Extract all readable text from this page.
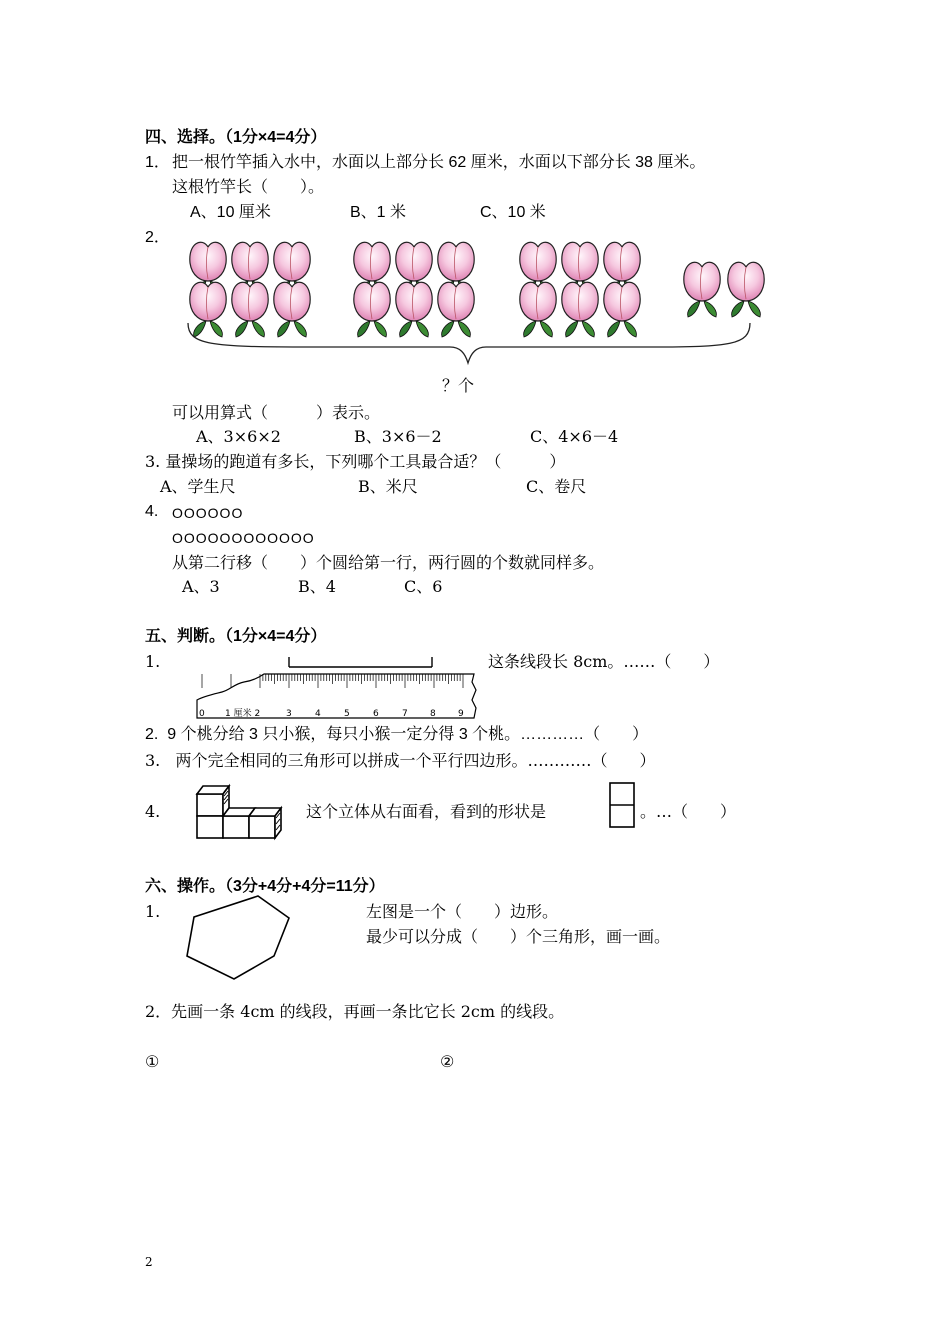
四、选择。（1分×4=4分）
1． 把一根竹竿插入水中，水面以上部分长 62 厘米，水面以下部分长 38 厘米。
这根竹竿长（　　）。
A、10 厘米	B、1 米	C、10 米
2．
？个
可以用算式（　　　）表示。
A、3×6×2	B、3×6－2	C、4×6－4
3. 量操场的跑道有多长，下列哪个工具最合适？（　　　）
A、学生尺	B、米尺	C、卷尺
4. OOOOOO
OOOOOOOOOOOO
从第二行移（　　）个圆给第一行，两行圆的个数就同样多。
A、3	B、4	C、6
五、判断。（1分×4=4分）
1.
0 1 厘米 2	3	4	5	6	7 8 9
这条线段长 8cm。……（　　）
2.  9 个桃分给 3 只小猴，每只小猴一定分得 3 个桃。…………（　　）
3.   两个完全相同的三角形可以拼成一个平行四边形。…………（　　）
4.	这个立体从右面看，看到的形状是	。…（　　）
六、操作。（3分+4分+4分=11分）
1.	左图是一个（　　）边形。
最少可以分成（　　）个三角形，画一画。
2．先画一条 4cm 的线段，再画一条比它长 2cm 的线段。
①	②
2
